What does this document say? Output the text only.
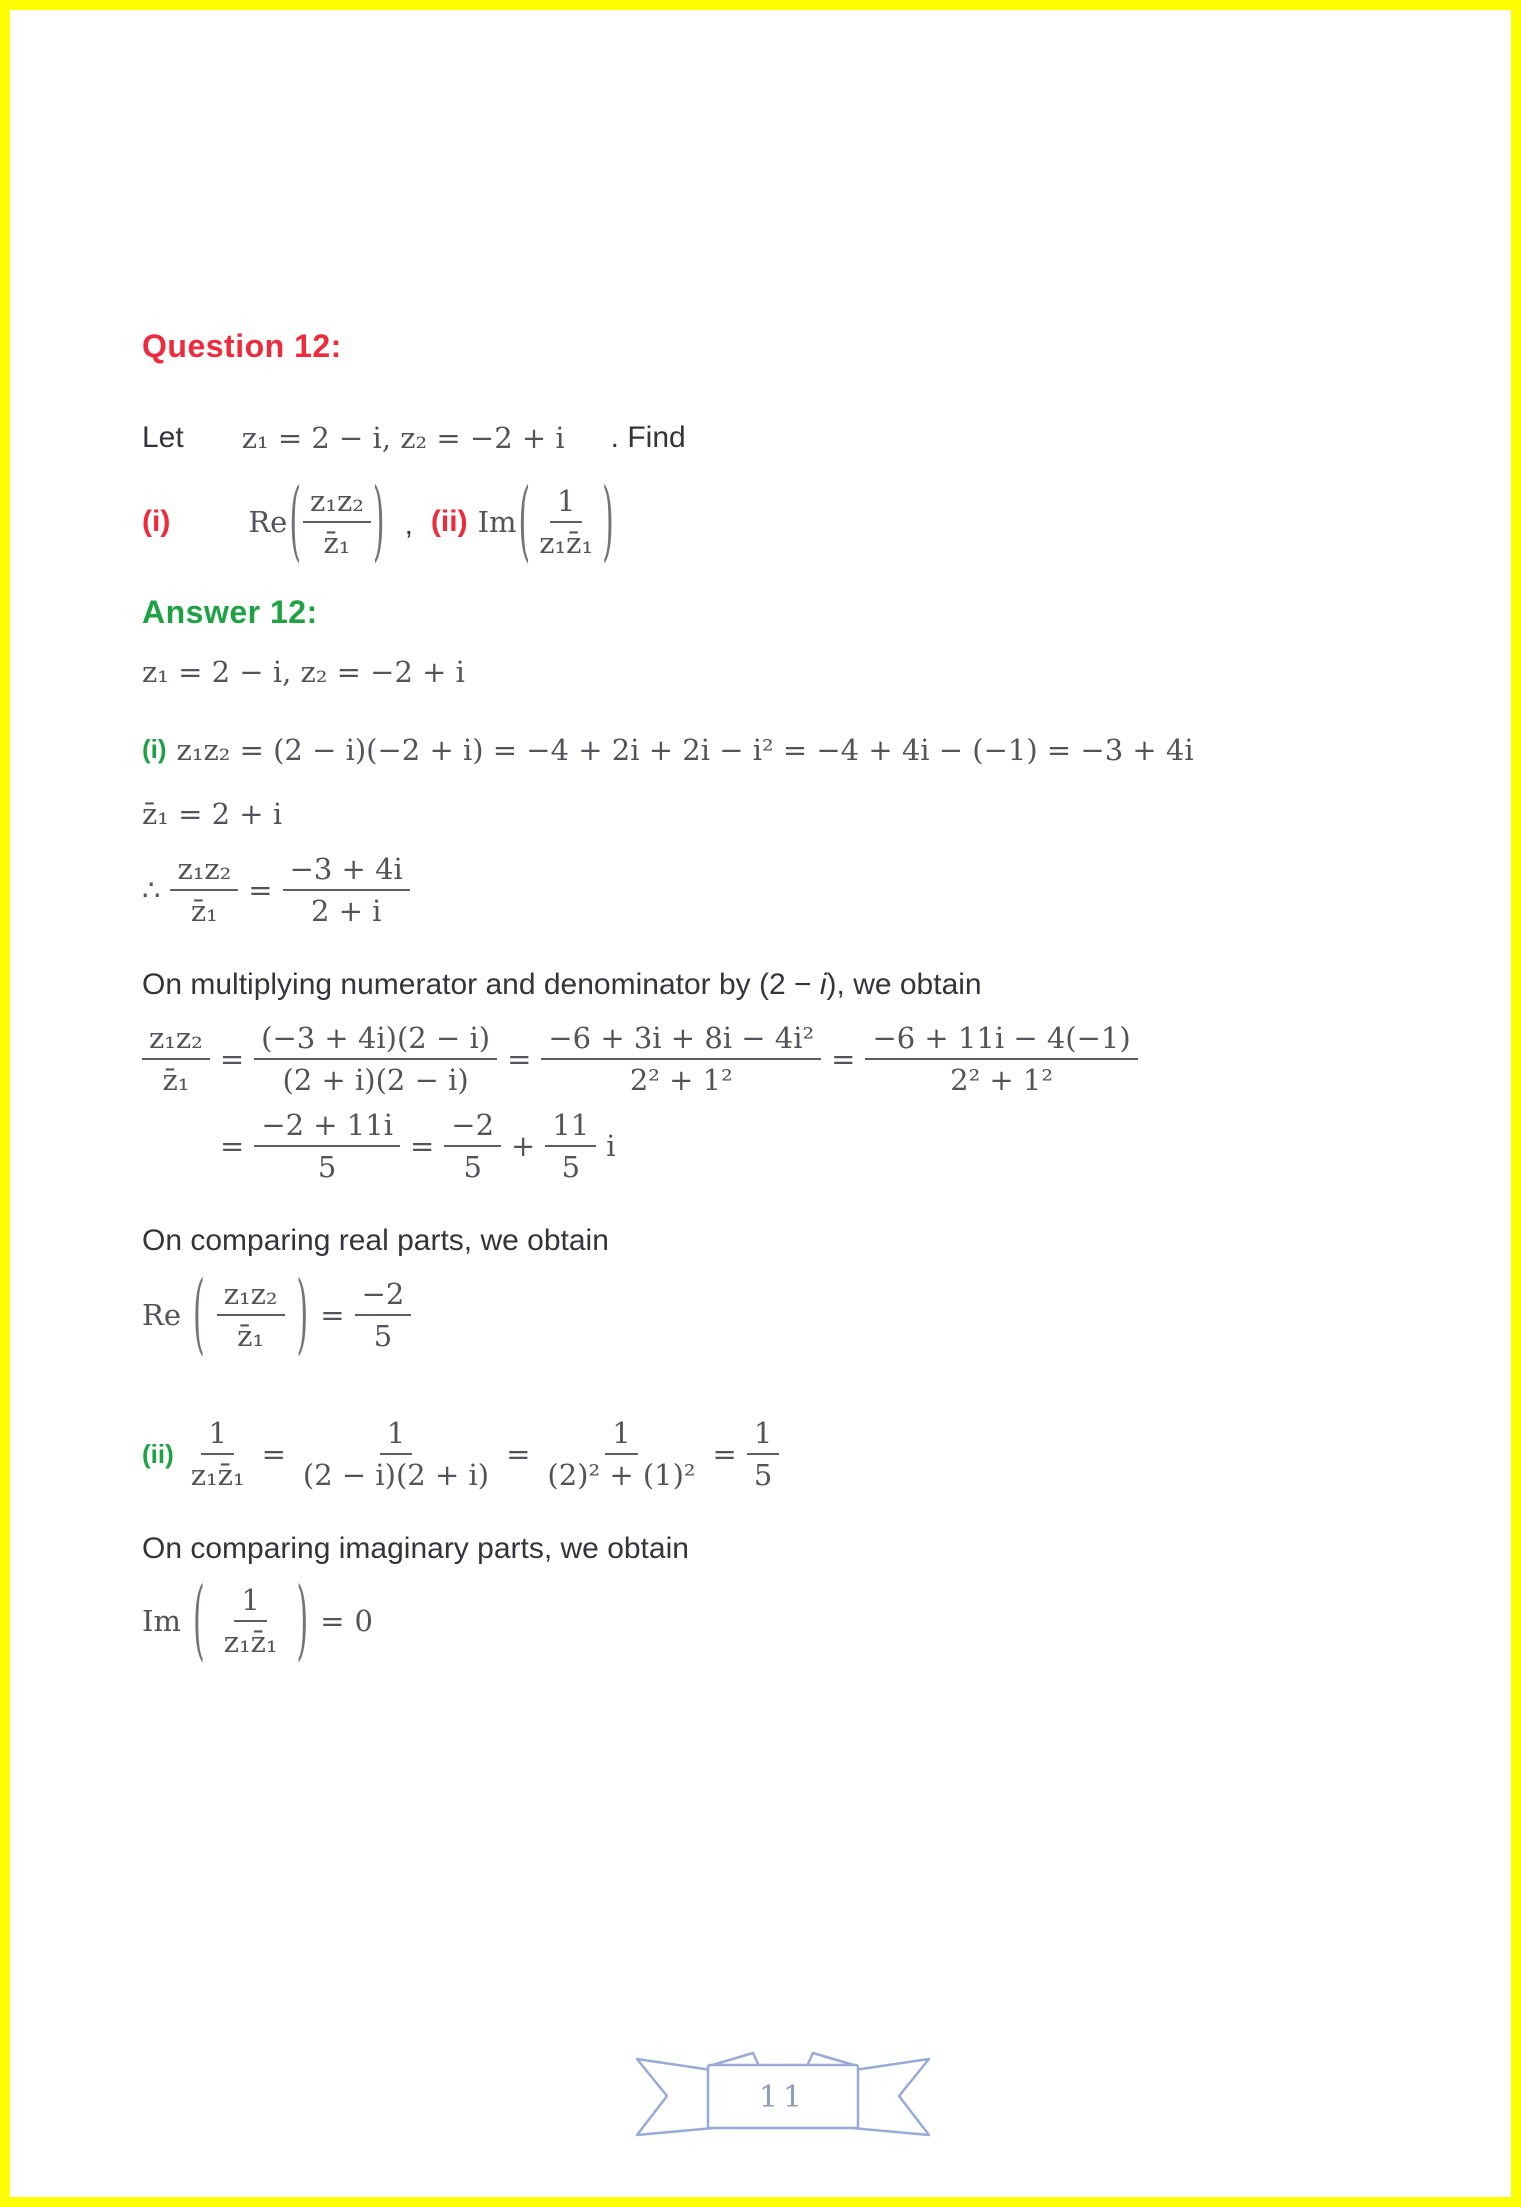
Question 12:
Let z₁ = 2 − i, z₂ = −2 + i . Find
(i)	Re ( $\frac{\text{z₁z₂}}{\text{z̄₁}}$ ) , (ii) Im ( $\frac{1}{\text{z₁z̄₁}}$ )
Answer 12:
z₁ = 2 − i, z₂ = −2 + i
(i) z₁z₂ = (2 − i)(−2 + i) = −4 + 2i + 2i − i² = −4 + 4i − (−1) = −3 + 4i
z̄₁ = 2 + i
∴ $\frac{\text{z₁z₂}}{\text{z̄₁}} = \frac{-3 + 4i}{2 + i}$
On multiplying numerator and denominator by (2 − i), we obtain
$\frac{\text{z₁z₂}}{\text{z̄₁}} = \frac{(-3 + 4i)(2 - i)}{(2 + i)(2 - i)} = \frac{\text{−6 + 3i + 8i − 4i²}}{\text{2² + 1²}} = \frac{-6 + 11i - 4(-1)}{\text{2² + 1²}}$
= $\frac{-2 + 11i}{5} = \frac{-2}{5} + \frac{11}{5}$ i
On comparing real parts, we obtain
Re ( $\frac{\text{z₁z₂}}{\text{z̄₁}}$ ) = $\frac{-2}{5}$
$(ii) \frac{1}{\text{z₁z̄₁}} = \frac{1}{(2 - i)(2 + i)} = \frac{1}{\text{(2)² + (1)²}} = \frac{1}{5}$
On comparing imaginary parts, we obtain
Im ( $\frac{1}{\text{z₁z̄₁}}$ ) = 0
11
